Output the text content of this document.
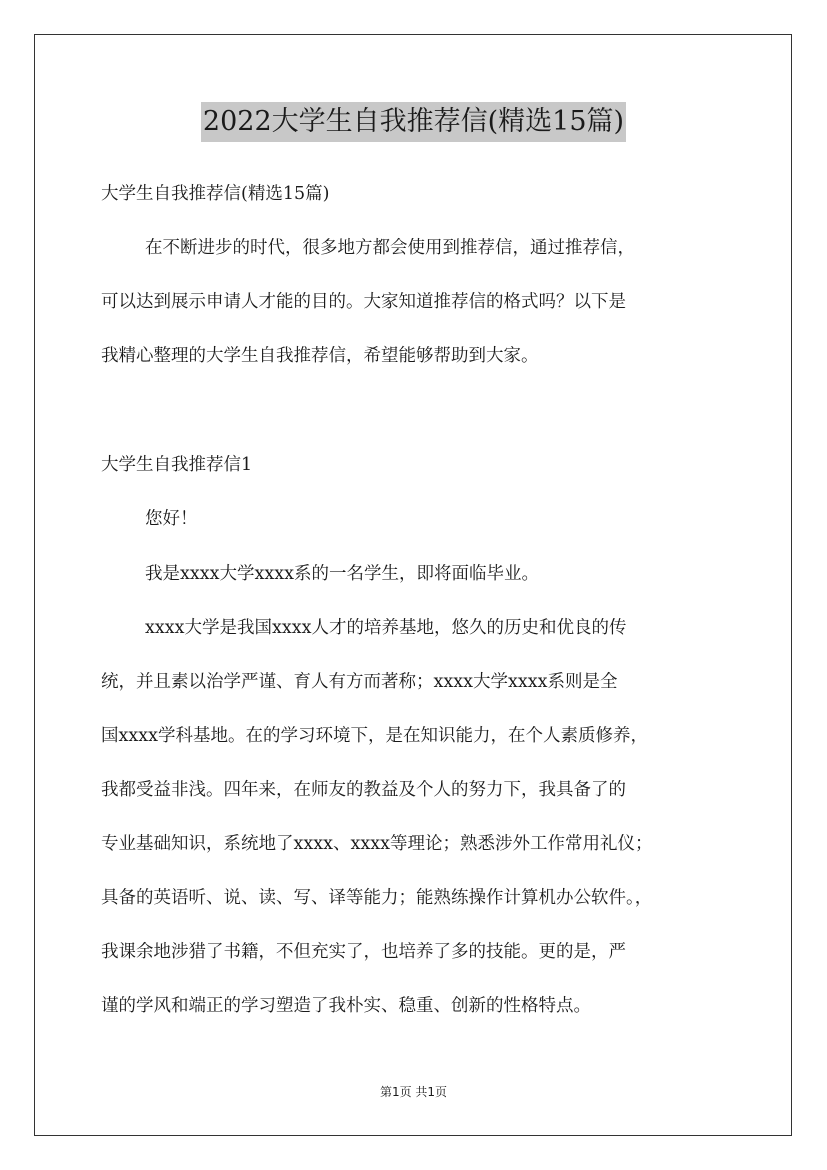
2022大学生自我推荐信(精选15篇)
大学生自我推荐信(精选15篇)
在不断进步的时代，很多地方都会使用到推荐信，通过推荐信，
可以达到展示申请人才能的目的。大家知道推荐信的格式吗？以下是
我精心整理的大学生自我推荐信，希望能够帮助到大家。
大学生自我推荐信1
您好！
我是xxxx大学xxxx系的一名学生，即将面临毕业。
xxxx大学是我国xxxx人才的培养基地，悠久的历史和优良的传
统，并且素以治学严谨、育人有方而著称；xxxx大学xxxx系则是全
国xxxx学科基地。在的学习环境下，是在知识能力，在个人素质修养，
我都受益非浅。四年来，在师友的教益及个人的努力下，我具备了的
专业基础知识，系统地了xxxx、xxxx等理论；熟悉涉外工作常用礼仪；
具备的英语听、说、读、写、译等能力；能熟练操作计算机办公软件。，
我课余地涉猎了书籍，不但充实了，也培养了多的技能。更的是，严
谨的学风和端正的学习塑造了我朴实、稳重、创新的性格特点。
第1页 共1页
